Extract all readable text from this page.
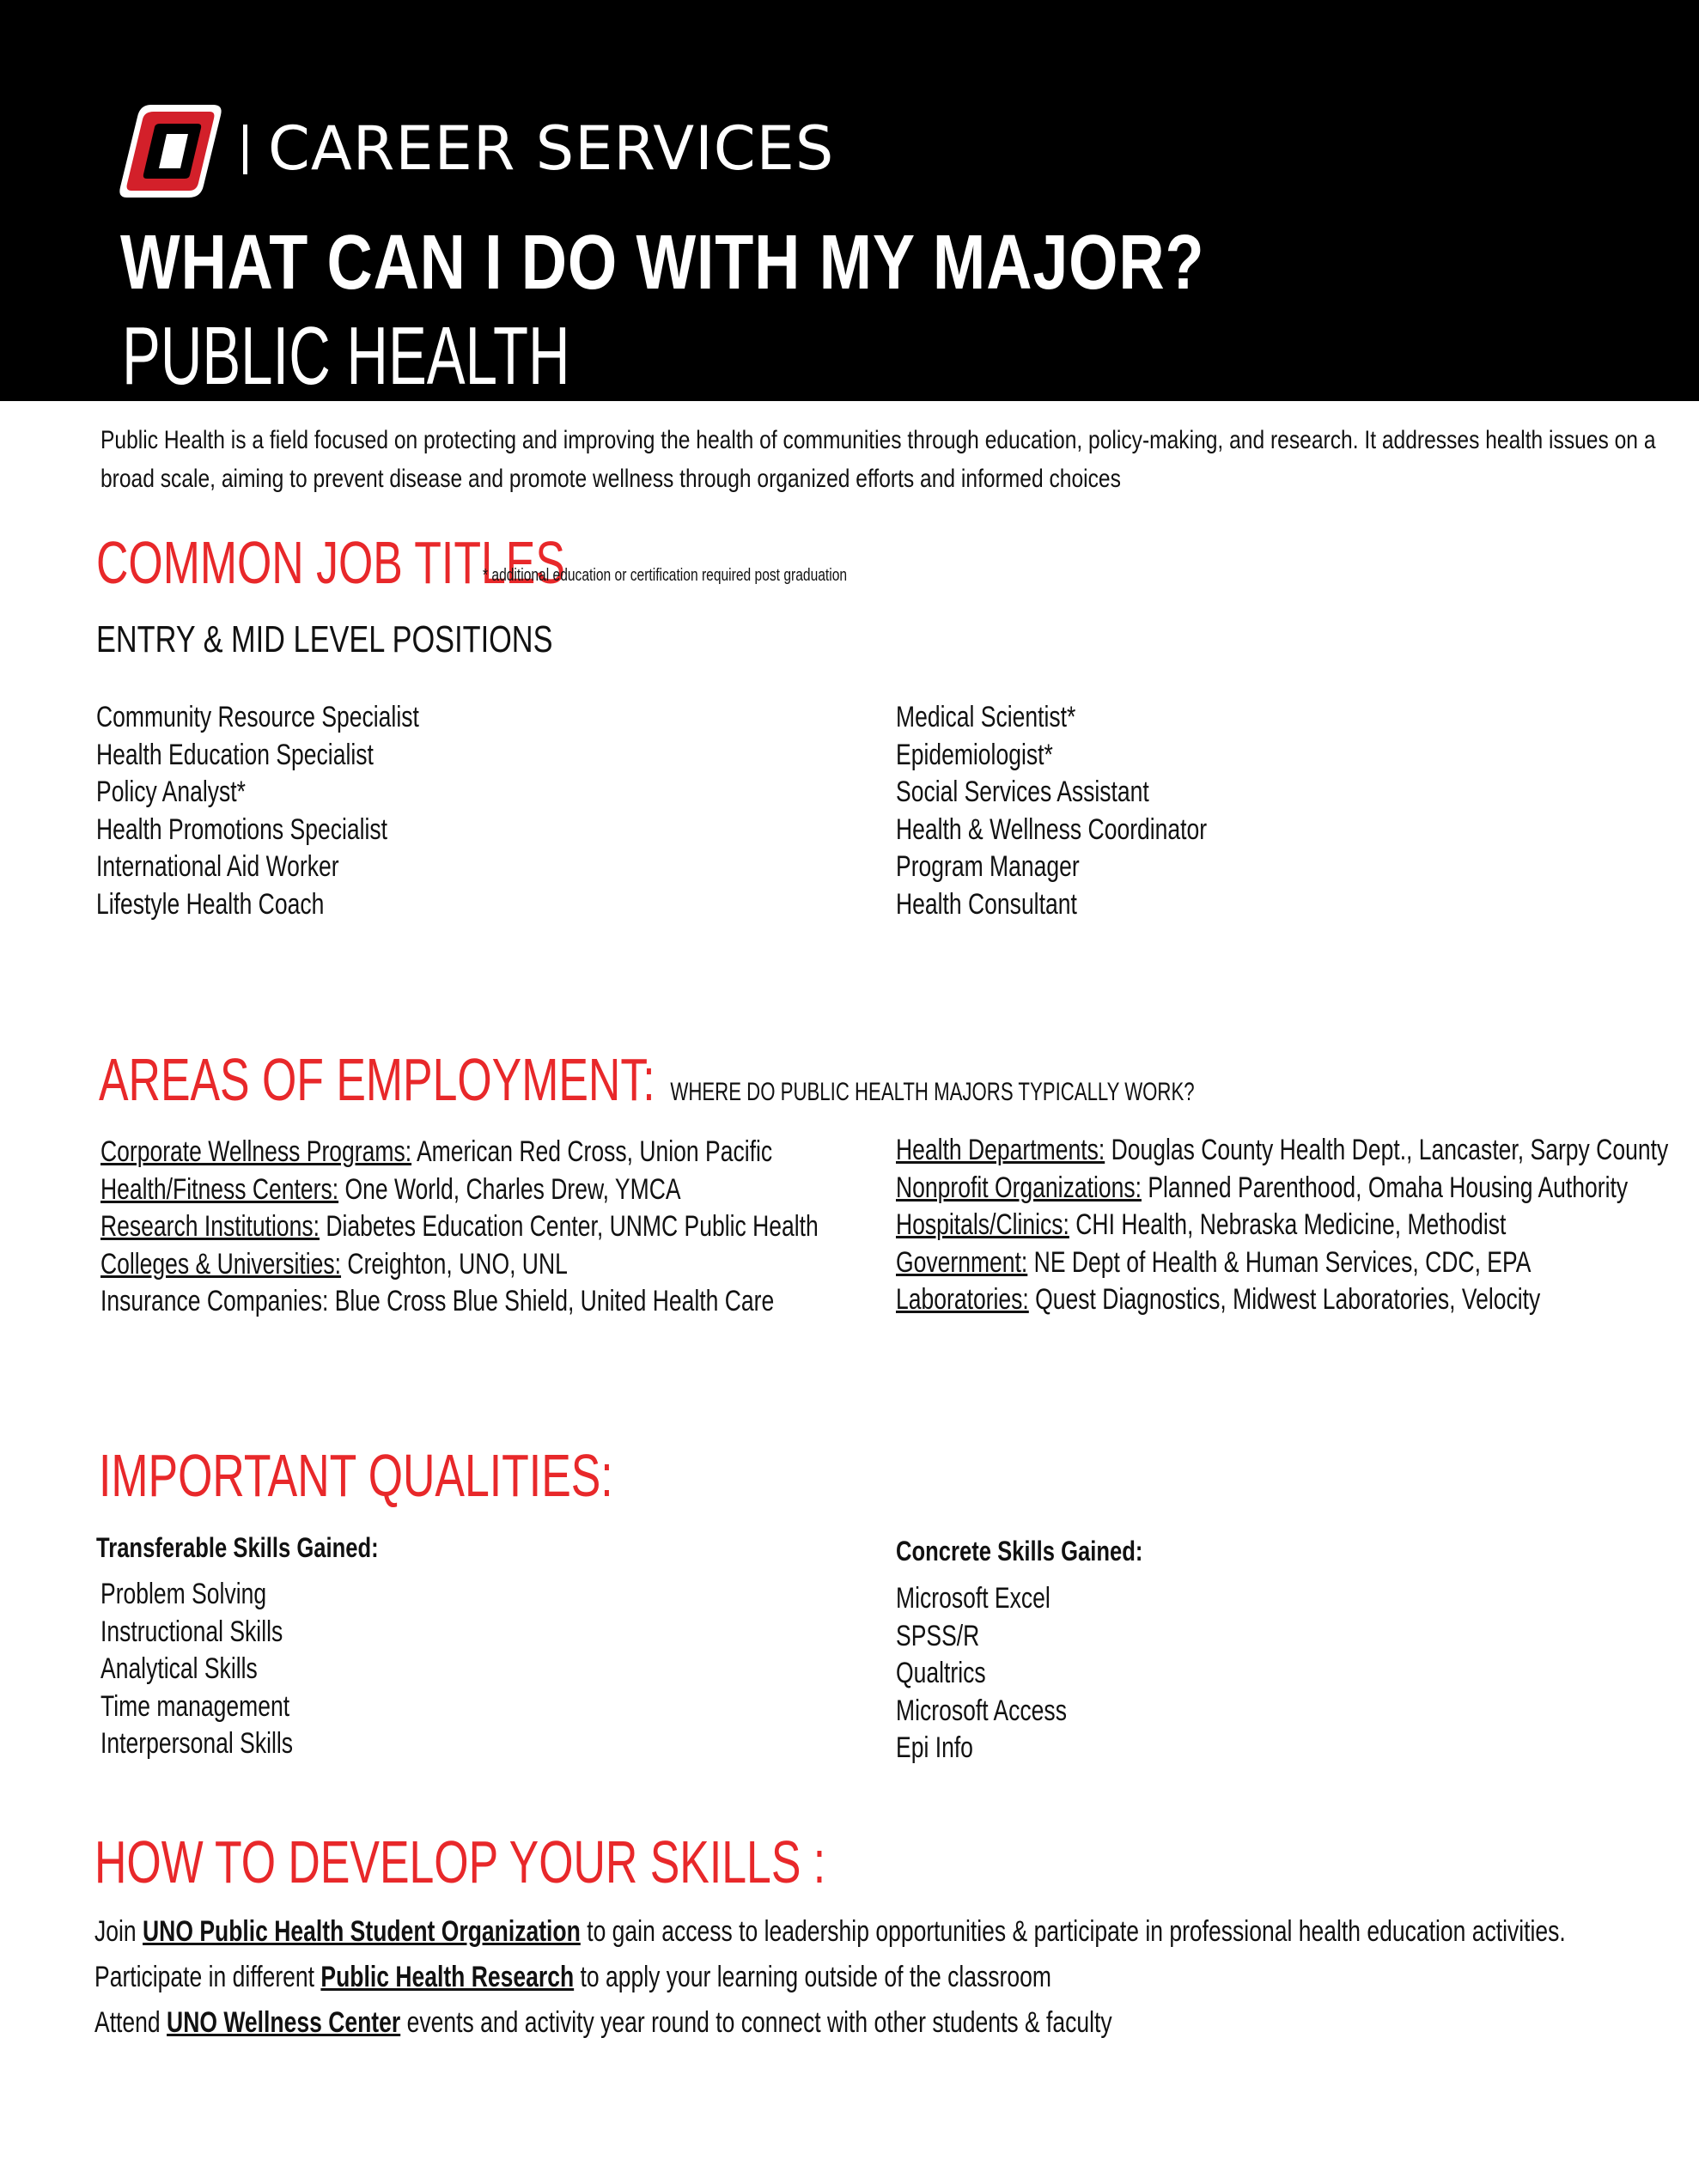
CAREER SERVICES
WHAT CAN I DO WITH MY MAJOR?
PUBLIC HEALTH
Public Health is a field focused on protecting and improving the health of communities through education, policy-making, and research. It addresses health issues on a broad scale, aiming to prevent disease and promote wellness through organized efforts and informed choices
COMMON JOB TITLES
* additional education or certification required post graduation
ENTRY & MID LEVEL POSITIONS
Community Resource Specialist
Health Education Specialist
Policy Analyst*
Health Promotions Specialist
International Aid Worker
Lifestyle Health Coach
Medical Scientist*
Epidemiologist*
Social Services Assistant
Health & Wellness Coordinator
Program Manager
Health Consultant
AREAS OF EMPLOYMENT: WHERE DO PUBLIC HEALTH MAJORS TYPICALLY WORK?
Corporate Wellness Programs: American Red Cross, Union Pacific
Health/Fitness Centers: One World, Charles Drew, YMCA
Research Institutions: Diabetes Education Center, UNMC Public Health
Colleges & Universities: Creighton, UNO, UNL
Insurance Companies: Blue Cross Blue Shield, United Health Care
Health Departments: Douglas County Health Dept., Lancaster, Sarpy County
Nonprofit Organizations: Planned Parenthood, Omaha Housing Authority
Hospitals/Clinics: CHI Health, Nebraska Medicine, Methodist
Government: NE Dept of Health & Human Services, CDC, EPA
Laboratories: Quest Diagnostics, Midwest Laboratories, Velocity
IMPORTANT QUALITIES:
Transferable Skills Gained:
Problem Solving
Instructional Skills
Analytical Skills
Time management
Interpersonal Skills
Concrete Skills Gained:
Microsoft Excel
SPSS/R
Qualtrics
Microsoft Access
Epi Info
HOW TO DEVELOP YOUR SKILLS :
Join UNO Public Health Student Organization to gain access to leadership opportunities & participate in professional health education activities.
Participate in different Public Health Research to apply your learning outside of the classroom
Attend UNO Wellness Center events and activity year round to connect with other students & faculty
